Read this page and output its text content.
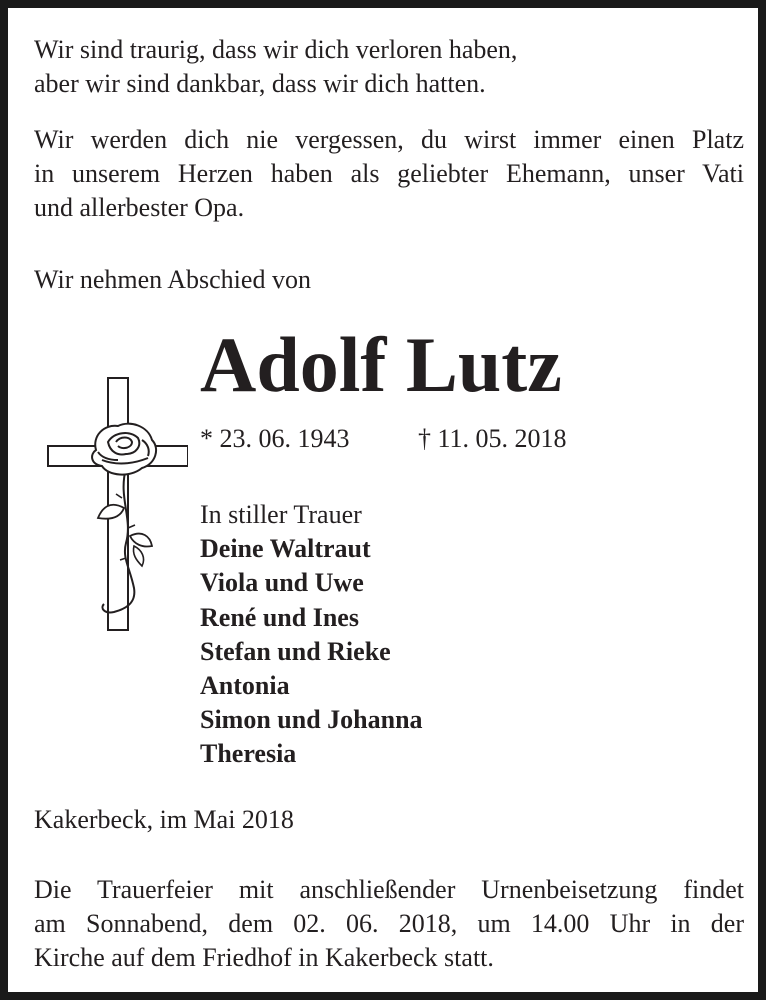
Wir sind traurig, dass wir dich verloren haben,
aber wir sind dankbar, dass wir dich hatten.

Wir werden dich nie vergessen, du wirst immer einen Platz
in unserem Herzen haben als geliebter Ehemann, unser Vati
und allerbester Opa.

Wir nehmen Abschied von

Adolf Lutz
* 23. 06. 1943	† 11. 05. 2018
In stiller Trauer
Deine Waltraut
Viola und Uwe
René und Ines
Stefan und Rieke
Antonia
Simon und Johanna
Theresia

Kakerbeck, im Mai 2018

Die Trauerfeier mit anschließender Urnenbeisetzung findet
am Sonnabend, dem 02. 06. 2018, um 14.00 Uhr in der
Kirche auf dem Friedhof in Kakerbeck statt.
